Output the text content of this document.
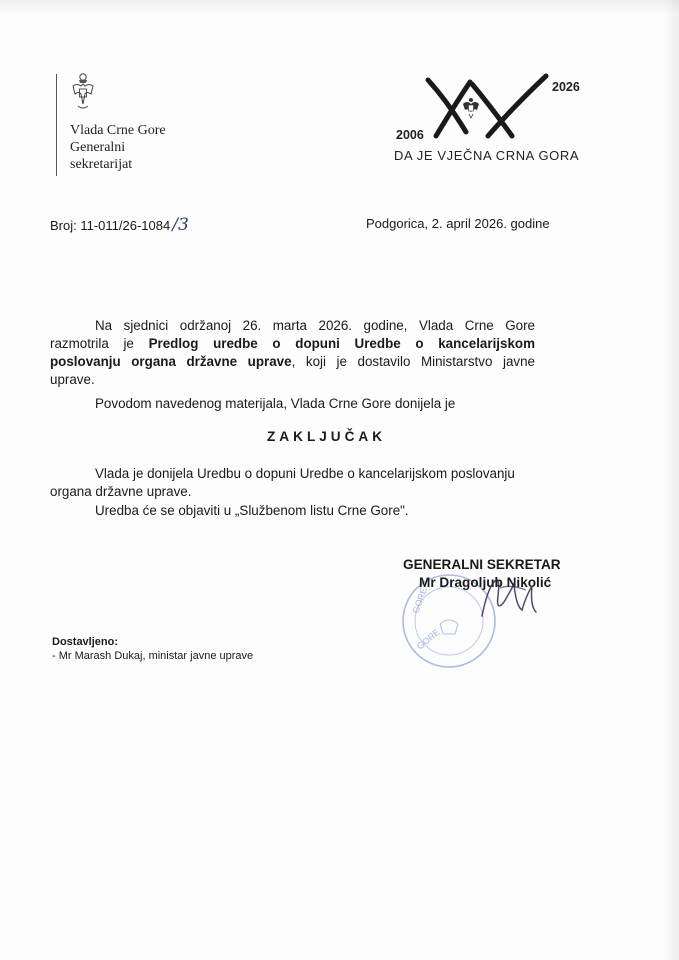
Vlada Crne Gore
Generalni
sekretarijat
2006
2026
DA JE VJEČNA CRNA GORA
Broj: 11-011/26-1084 /3	Podgorica, 2. april 2026. godine
Na sjednici održanoj 26. marta 2026. godine, Vlada Crne Gore
razmotrila je Predlog uredbe o dopuni Uredbe o kancelarijskom
poslovanju organa državne uprave, koji je dostavilo Ministarstvo javne
uprave.
Povodom navedenog materijala, Vlada Crne Gore donijela je
ZAKLJUČAK
Vlada je donijela Uredbu o dopuni Uredbe o kancelarijskom poslovanju
organa državne uprave.
Uredba će se objaviti u „Službenom listu Crne Gore".
GORE
GORE
GENERALNI SEKRETAR
Mr Dragoljub Nikolić
Dostavljeno:
- Mr Marash Dukaj, ministar javne uprave
